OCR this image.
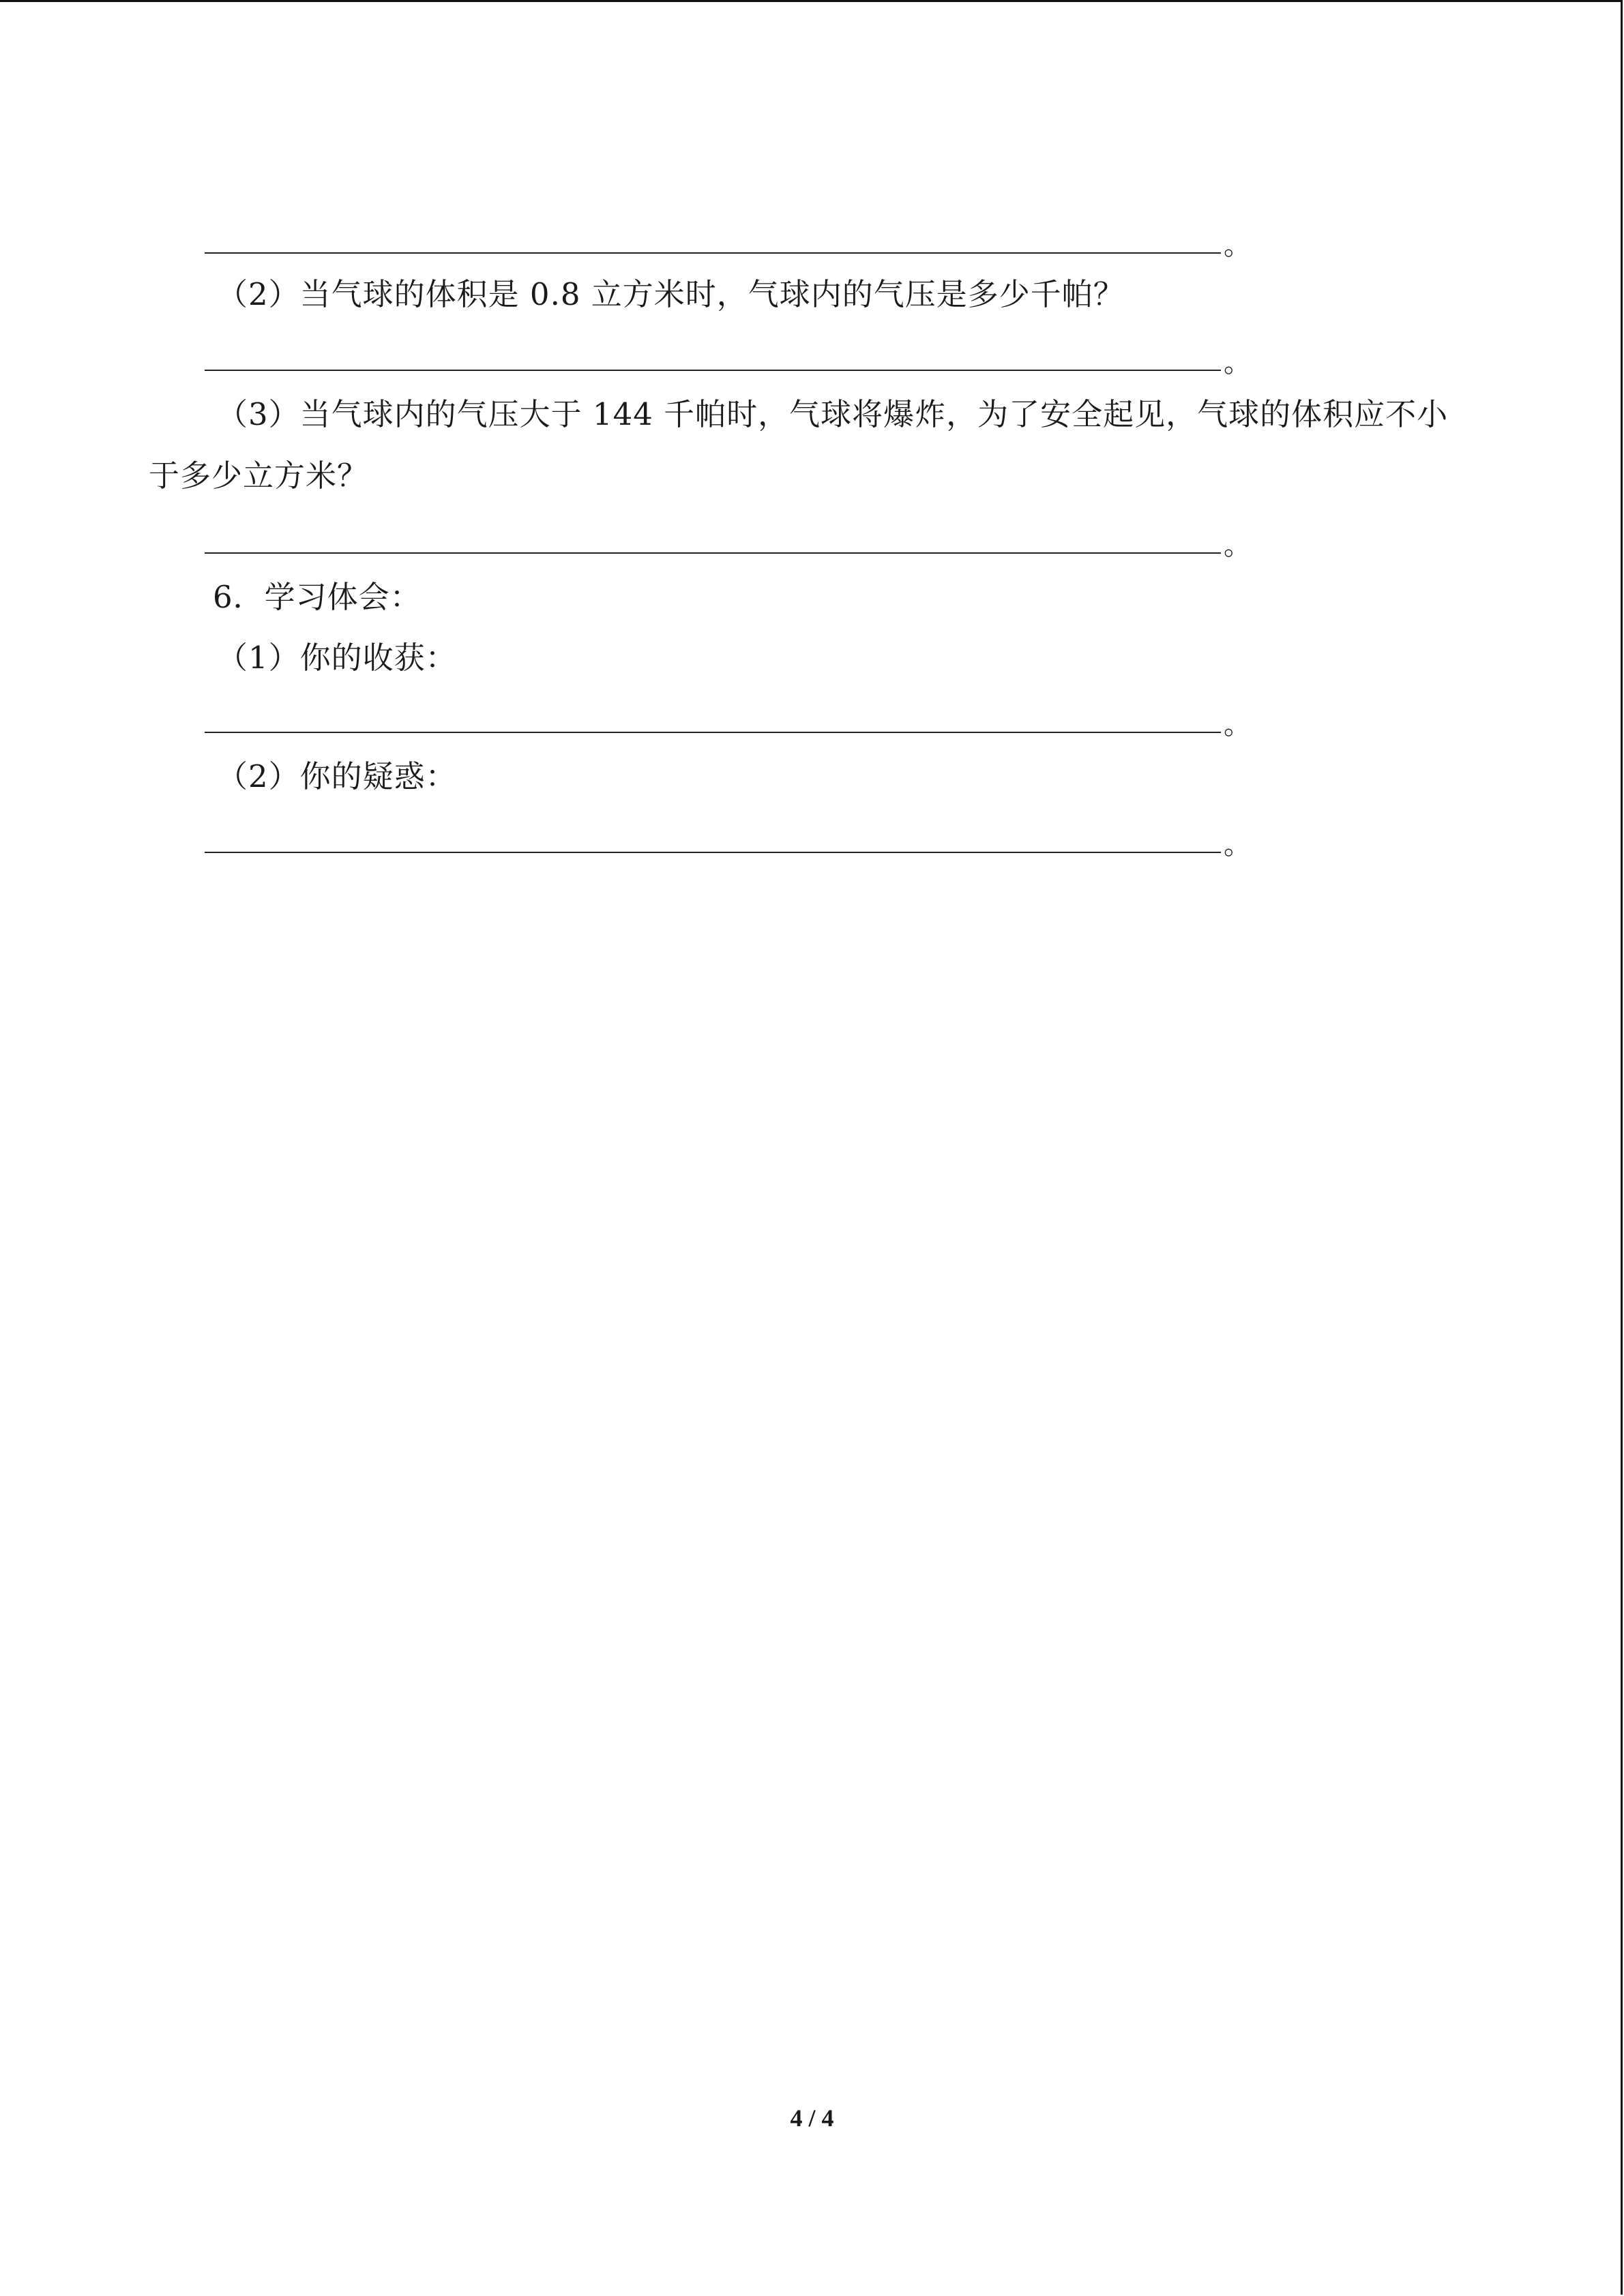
。
（2）当气球的体积是 0.8 立方米时，气球内的气压是多少千帕？
。
（3）当气球内的气压大于 144 千帕时，气球将爆炸，为了安全起见，气球的体积应不小
于多少立方米？
。
6．学习体会：
（1）你的收获：
。
（2）你的疑惑：
。
4 / 4
